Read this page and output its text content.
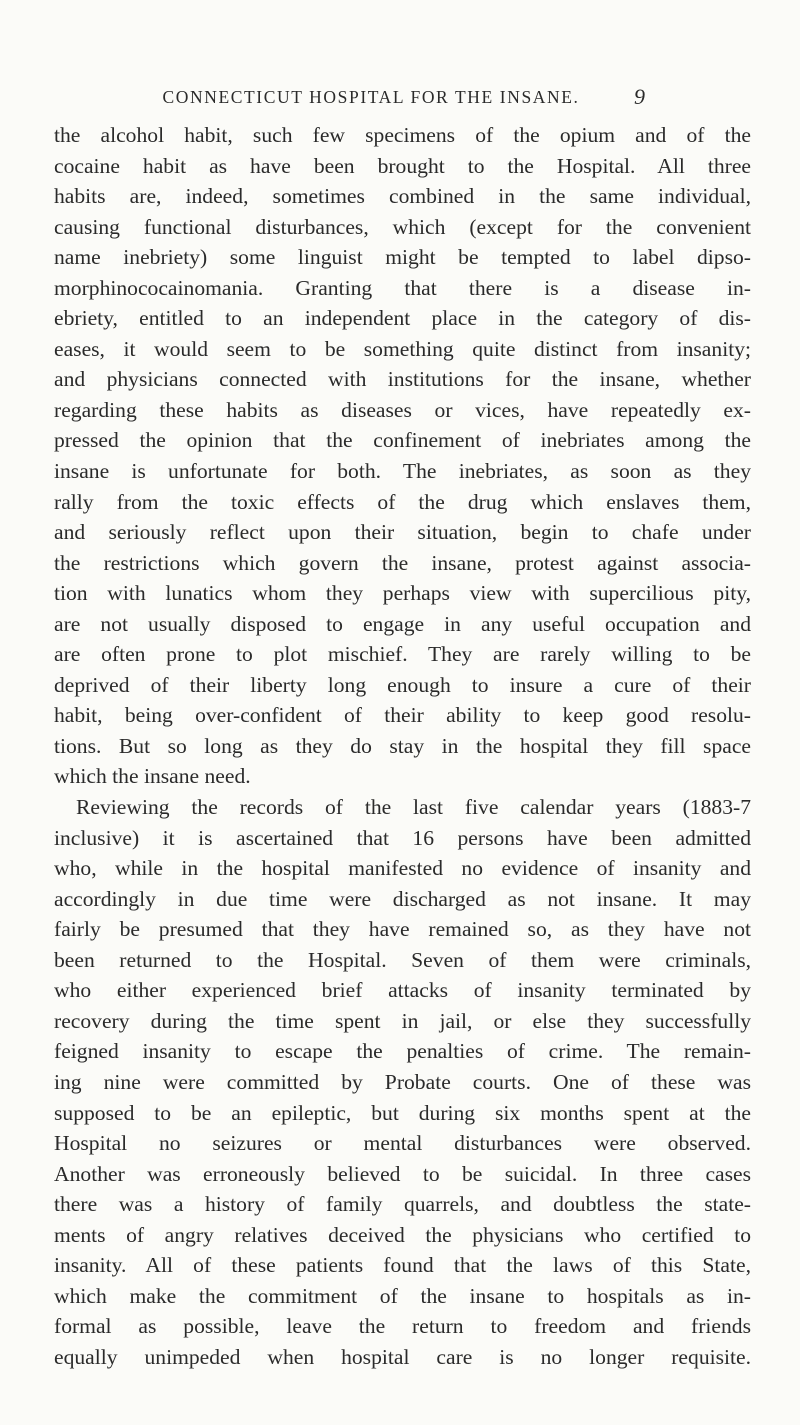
CONNECTICUT HOSPITAL FOR THE INSANE.	9
the alcohol habit, such few specimens of the opium and of the
cocaine habit as have been brought to the Hospital. All three
habits are, indeed, sometimes combined in the same individual,
causing functional disturbances, which (except for the convenient
name inebriety) some linguist might be tempted to label dipso-
morphinococainomania. Granting that there is a disease in-
ebriety, entitled to an independent place in the category of dis-
eases, it would seem to be something quite distinct from insanity;
and physicians connected with institutions for the insane, whether
regarding these habits as diseases or vices, have repeatedly ex-
pressed the opinion that the confinement of inebriates among the
insane is unfortunate for both. The inebriates, as soon as they
rally from the toxic effects of the drug which enslaves them,
and seriously reflect upon their situation, begin to chafe under
the restrictions which govern the insane, protest against associa-
tion with lunatics whom they perhaps view with supercilious pity,
are not usually disposed to engage in any useful occupation and
are often prone to plot mischief. They are rarely willing to be
deprived of their liberty long enough to insure a cure of their
habit, being over-confident of their ability to keep good resolu-
tions. But so long as they do stay in the hospital they fill space
which the insane need.
Reviewing the records of the last five calendar years (1883-7
inclusive) it is ascertained that 16 persons have been admitted
who, while in the hospital manifested no evidence of insanity and
accordingly in due time were discharged as not insane. It may
fairly be presumed that they have remained so, as they have not
been returned to the Hospital. Seven of them were criminals,
who either experienced brief attacks of insanity terminated by
recovery during the time spent in jail, or else they successfully
feigned insanity to escape the penalties of crime. The remain-
ing nine were committed by Probate courts. One of these was
supposed to be an epileptic, but during six months spent at the
Hospital no seizures or mental disturbances were observed.
Another was erroneously believed to be suicidal. In three cases
there was a history of family quarrels, and doubtless the state-
ments of angry relatives deceived the physicians who certified to
insanity. All of these patients found that the laws of this State,
which make the commitment of the insane to hospitals as in-
formal as possible, leave the return to freedom and friends
equally unimpeded when hospital care is no longer requisite.
